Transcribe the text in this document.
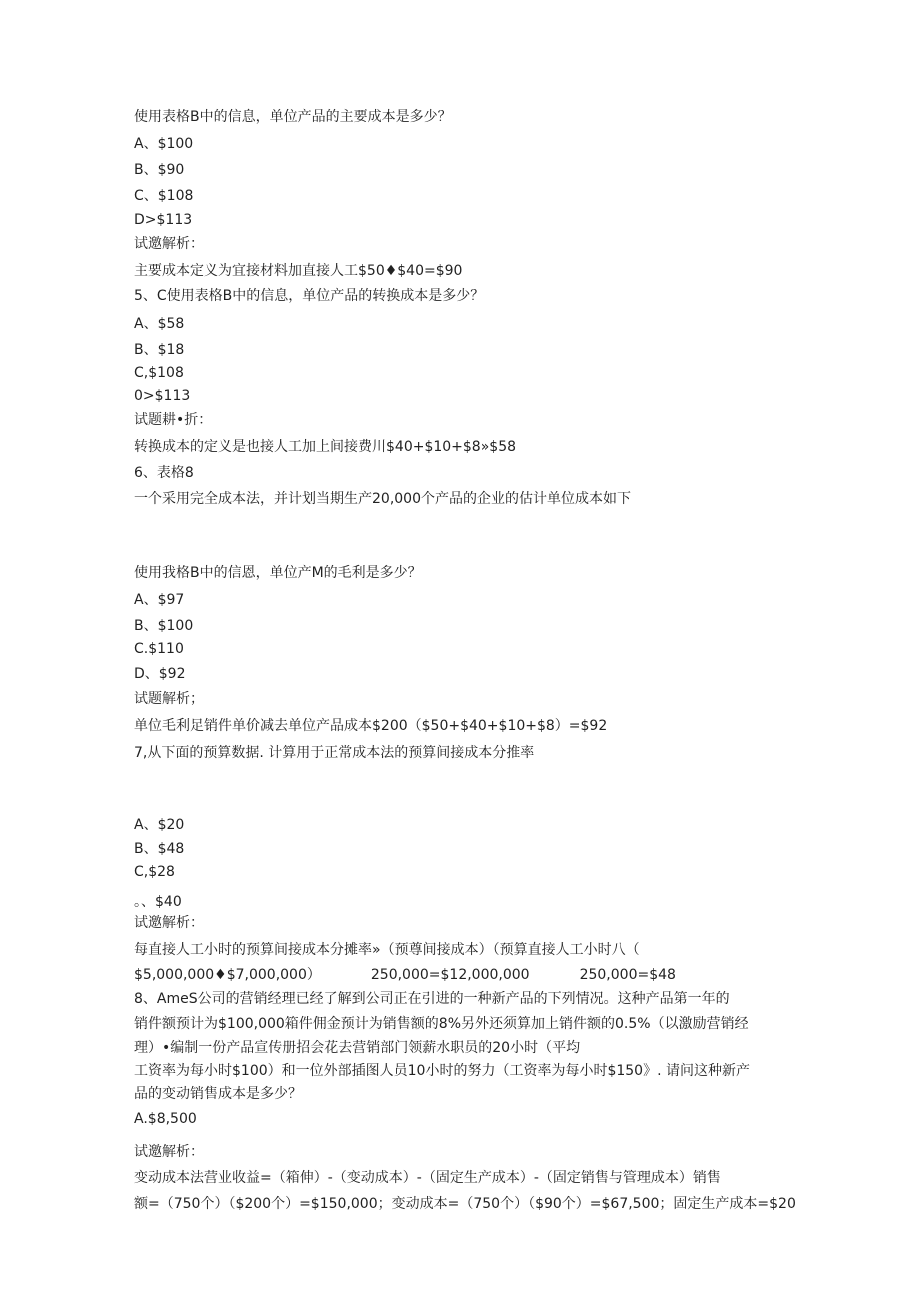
使用表格B中的信息，单位产品的主要成本是多少？
A、$100
B、$90
C、$108
D>$113
试邀解析：
主要成本定义为宜接材料加直接人工$50♦$40=$90
5、C使用表格B中的信息，单位产品的转换成本是多少？
A、$58
B、$18
C,$108
0>$113
试题耕•折：
转换成本的定义是也接人工加上间接费川$40+$10+$8»$58
6、表格8
一个采用完全成本法，并计划当期生产20,000个产品的企业的估计单位成本如下
使用我格B中的信恩，单位产M的毛利是多少？
A、$97
B、$100
C.$110
D、$92
试题解析；
单位毛利足销件单价减去单位产品成本$200（$50+$40+$10+$8）=$92
7,从下面的预算数据. 计算用于正常成本法的预算间接成本分推率
A、$20
B、$48
C,$28
。、$40
试邀解析：
每直接人工小时的预算间接成本分摊率»（预尊间接成本）（预算直接人工小时八（
$5,000,000♦$7,000,000）	250,000=$12,000,000	250,000=$48
8、AmeS公司的营销经理已经了解到公司正在引进的一种新产品的下列情况。这种产品第一年的
销件额预计为$100,000箱件佣金预计为销售额的8%另外还须算加上销件额的0.5%（以激励营销经
理）•编制一份产品宣传册招会花去营销部门领薪水职员的20小时（平均
工资率为每小时$100）和一位外部插图人员10小时的努力（工资率为每小时$150》. 请问这种新产
品的变动销售成本是多少？
A.$8,500
试邀解析：
变动成本法营业收益=（箱伸）-（变动成本）-（固定生产成本）-（固定销售与管理成本）销售
额=（750个）（$200个）=$150,000；变动成本=（750个）（$90个）=$67,500；固定生产成本=$20
